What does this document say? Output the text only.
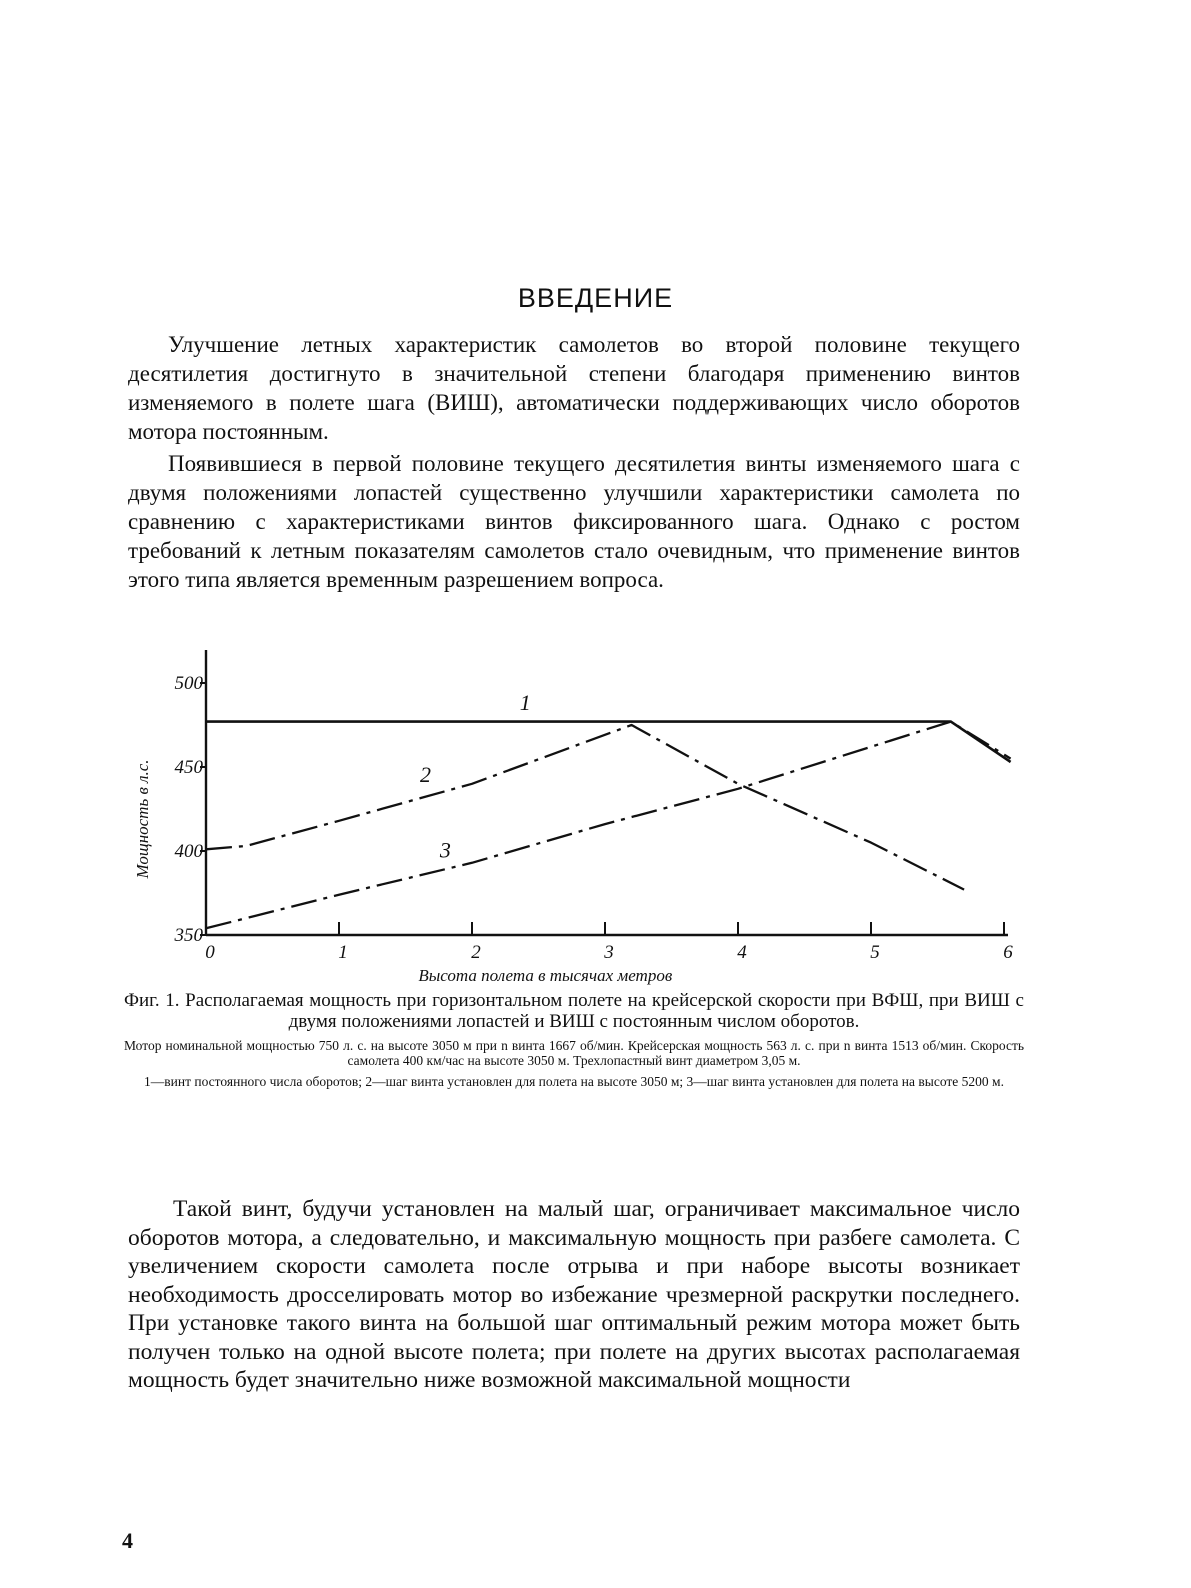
ВВЕДЕНИЕ

Улучшение летных характеристик самолетов во второй половине текущего десятилетия достигнуто в значительной степени благодаря применению винтов изменяемого в полете шага (ВИШ), автоматически поддерживающих число оборотов мотора постоянным.

Появившиеся в первой половине текущего десятилетия винты изменяемого шага с двумя положениями лопастей существенно улучшили характеристики самолета по сравнению с характеристиками винтов фиксированного шага. Однако с ростом требований к летным показателям самолетов стало очевидным, что применение винтов этого типа является временным разрешением вопроса.

350
400
450
500
0	1	2	3	4	5	6
Высота полета в тысячах метров
Мощность в л.с.
1
2
3
Фиг. 1. Располагаемая мощность при горизонтальном полете на крейсерской скорости при ВФШ, при ВИШ с двумя положениями лопастей и ВИШ с постоянным числом оборотов.
Мотор номинальной мощностью 750 л. с. на высоте 3050 м при n винта 1667 об/мин. Крейсерская мощность 563 л. с. при n винта 1513 об/мин. Скорость самолета 400 км/час на высоте 3050 м. Трехлопастный винт диаметром 3,05 м.
1—винт постоянного числа оборотов; 2—шаг винта установлен для полета на высоте 3050 м; 3—шаг винта установлен для полета на высоте 5200 м.

Такой винт, будучи установлен на малый шаг, ограничивает максимальное число оборотов мотора, а следовательно, и максимальную мощность при разбеге самолета. С увеличением скорости самолета после отрыва и при наборе высоты возникает необходимость дросселировать мотор во избежание чрезмерной раскрутки последнего. При установке такого винта на большой шаг оптимальный режим мотора может быть получен только на одной высоте полета; при полете на других высотах располагаемая мощность будет значительно ниже возможной максимальной мощности

4
